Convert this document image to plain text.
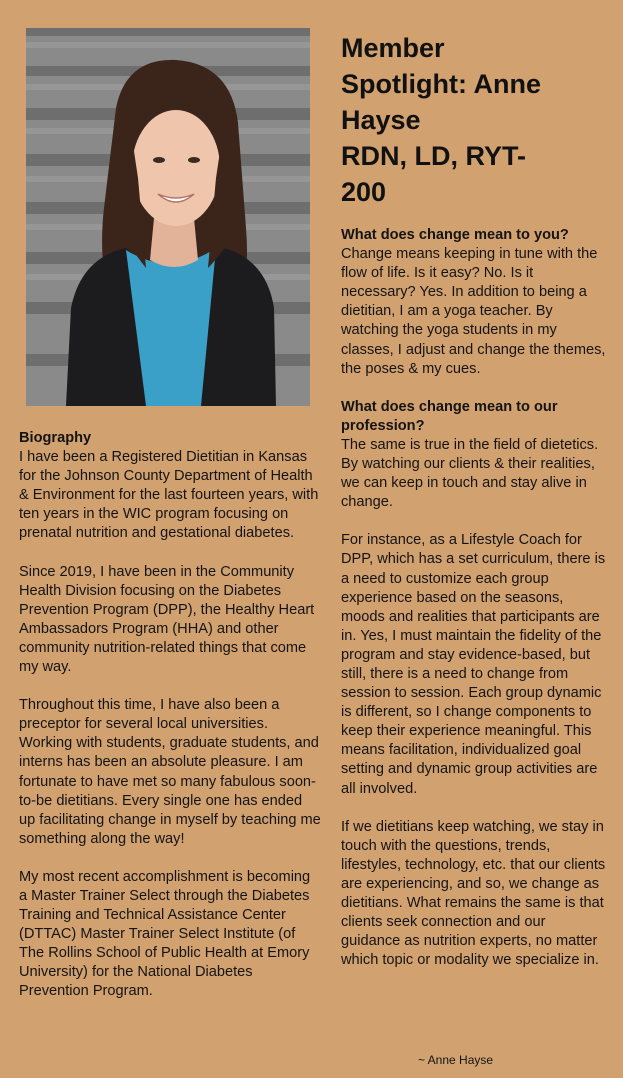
Biography
I have been a Registered Dietitian in Kansas for the Johnson County Department of Health & Environment for the last fourteen years, with ten years in the WIC program focusing on prenatal nutrition and gestational diabetes.

Since 2019, I have been in the Community Health Division focusing on the Diabetes Prevention Program (DPP), the Healthy Heart Ambassadors Program (HHA) and other community nutrition-related things that come my way.

Throughout this time, I have also been a preceptor for several local universities. Working with students, graduate students, and interns has been an absolute pleasure. I am fortunate to have met so many fabulous soon-to-be dietitians. Every single one has ended up facilitating change in myself by teaching me something along the way!

My most recent accomplishment is becoming a Master Trainer Select through the Diabetes Training and Technical Assistance Center (DTTAC) Master Trainer Select Institute (of The Rollins School of Public Health at Emory University) for the National Diabetes Prevention Program.

Member
Spotlight: Anne
Hayse
RDN, LD, RYT-
200

What does change mean to you?
Change means keeping in tune with the flow of life. Is it easy? No. Is it necessary? Yes. In addition to being a dietitian, I am a yoga teacher. By watching the yoga students in my classes, I adjust and change the themes, the poses & my cues.

What does change mean to our profession?
The same is true in the field of dietetics. By watching our clients & their realities, we can keep in touch and stay alive in change.

For instance, as a Lifestyle Coach for DPP, which has a set curriculum, there is a need to customize each group experience based on the seasons, moods and realities that participants are in. Yes, I must maintain the fidelity of the program and stay evidence-based, but still, there is a need to change from session to session. Each group dynamic is different, so I change components to keep their experience meaningful. This means facilitation, individualized goal setting and dynamic group activities are all involved.

If we dietitians keep watching, we stay in touch with the questions, trends, lifestyles, technology, etc. that our clients are experiencing, and so, we change as dietitians. What remains the same is that clients seek connection and our guidance as nutrition experts, no matter which topic or modality we specialize in.

~ Anne Hayse
